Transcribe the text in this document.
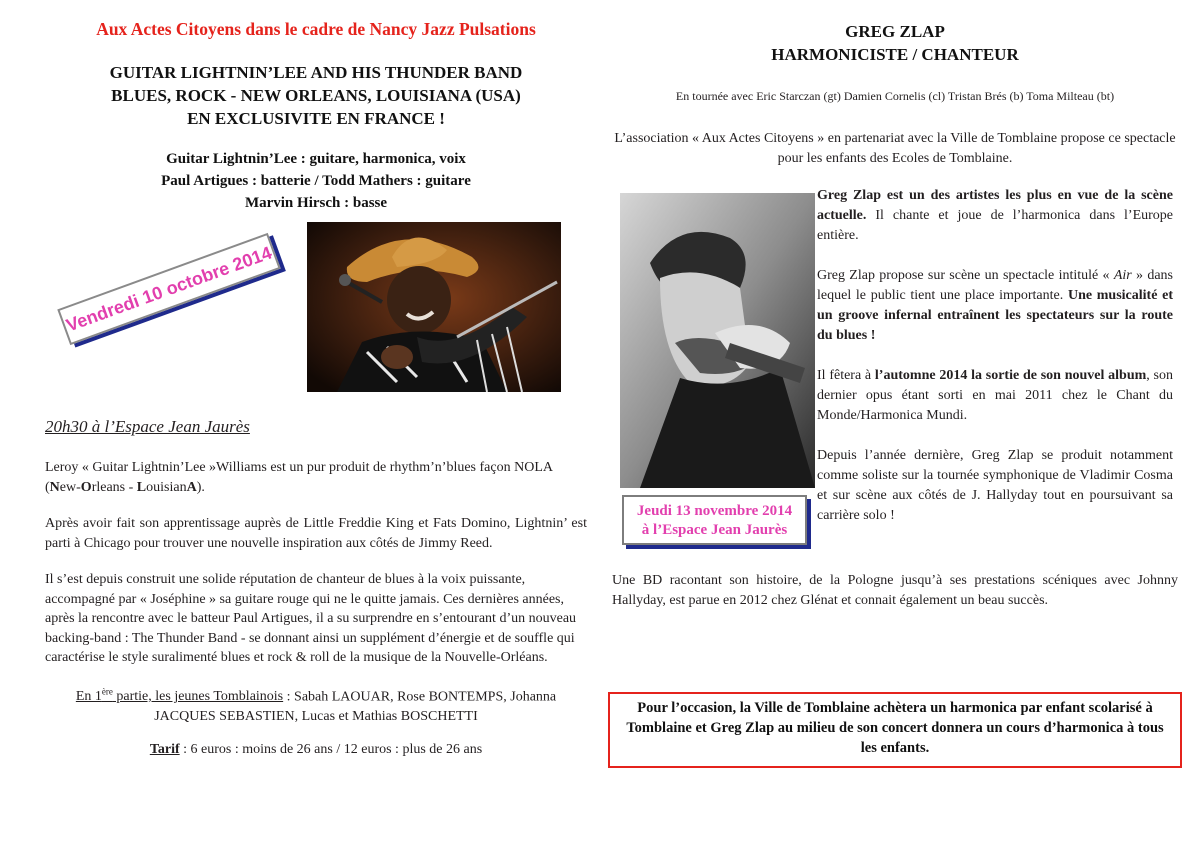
Aux Actes Citoyens dans le cadre de Nancy Jazz Pulsations
GUITAR LIGHTNIN’LEE AND HIS THUNDER BAND
BLUES, ROCK - NEW ORLEANS, LOUISIANA (USA)
EN EXCLUSIVITE EN FRANCE !
Guitar Lightnin’Lee : guitare, harmonica, voix
Paul Artigues : batterie / Todd Mathers : guitare
Marvin Hirsch : basse
Vendredi 10 octobre 2014
20h30 à l’Espace Jean Jaurès

Leroy « Guitar Lightnin’Lee »Williams est un pur produit de rhythm’n’blues façon NOLA (New-Orleans - LouisianA).

Après avoir fait son apprentissage auprès de Little Freddie King et Fats Domino, Lightnin’ est parti à Chicago pour trouver une nouvelle inspiration aux côtés de Jimmy Reed.

Il s’est depuis construit une solide réputation de chanteur de blues à la voix puissante, accompagné par « Joséphine » sa guitare rouge qui ne le quitte jamais. Ces dernières années, après la rencontre avec le batteur Paul Artigues, il a su surprendre en s’entourant d’un nouveau backing-band : The Thunder Band - se donnant ainsi un supplément d’énergie et de souffle qui caractérise le style suralimenté blues et rock & roll de la musique de la Nouvelle-Orléans.

En 1ère partie, les jeunes Tomblainois : Sabah LAOUAR, Rose BONTEMPS, Johanna JACQUES SEBASTIEN, Lucas et Mathias BOSCHETTI

Tarif : 6 euros : moins de 26 ans / 12 euros : plus de 26 ans

GREG ZLAP
HARMONICISTE / CHANTEUR
En tournée avec Eric Starczan (gt) Damien Cornelis (cl) Tristan Brés (b) Toma Milteau (bt)
L’association « Aux Actes Citoyens » en partenariat avec la Ville de Tomblaine propose ce spectacle pour les enfants des Ecoles de Tomblaine.
Jeudi 13 novembre 2014
à l’Espace Jean Jaurès

Greg Zlap est un des artistes les plus en vue de la scène actuelle. Il chante et joue de l’harmonica dans l’Europe entière.

Greg Zlap propose sur scène un spectacle intitulé « Air » dans lequel le public tient une place importante. Une musicalité et un groove infernal entraînent les spectateurs sur la route du blues !

Il fêtera à l’automne 2014 la sortie de son nouvel album, son dernier opus étant sorti en mai 2011 chez le Chant du Monde/Harmonica Mundi.

Depuis l’année dernière, Greg Zlap se produit notamment comme soliste sur la tournée symphonique de Vladimir Cosma et sur scène aux côtés de J. Hallyday tout en poursuivant sa carrière solo !

Une BD racontant son histoire, de la Pologne jusqu’à ses prestations scéniques avec Johnny Hallyday, est parue en 2012 chez Glénat et connait également un beau succès.

Pour l’occasion, la Ville de Tomblaine achètera un harmonica par enfant scolarisé à Tomblaine et Greg Zlap au milieu de son concert donnera un cours d’harmonica à tous les enfants.
